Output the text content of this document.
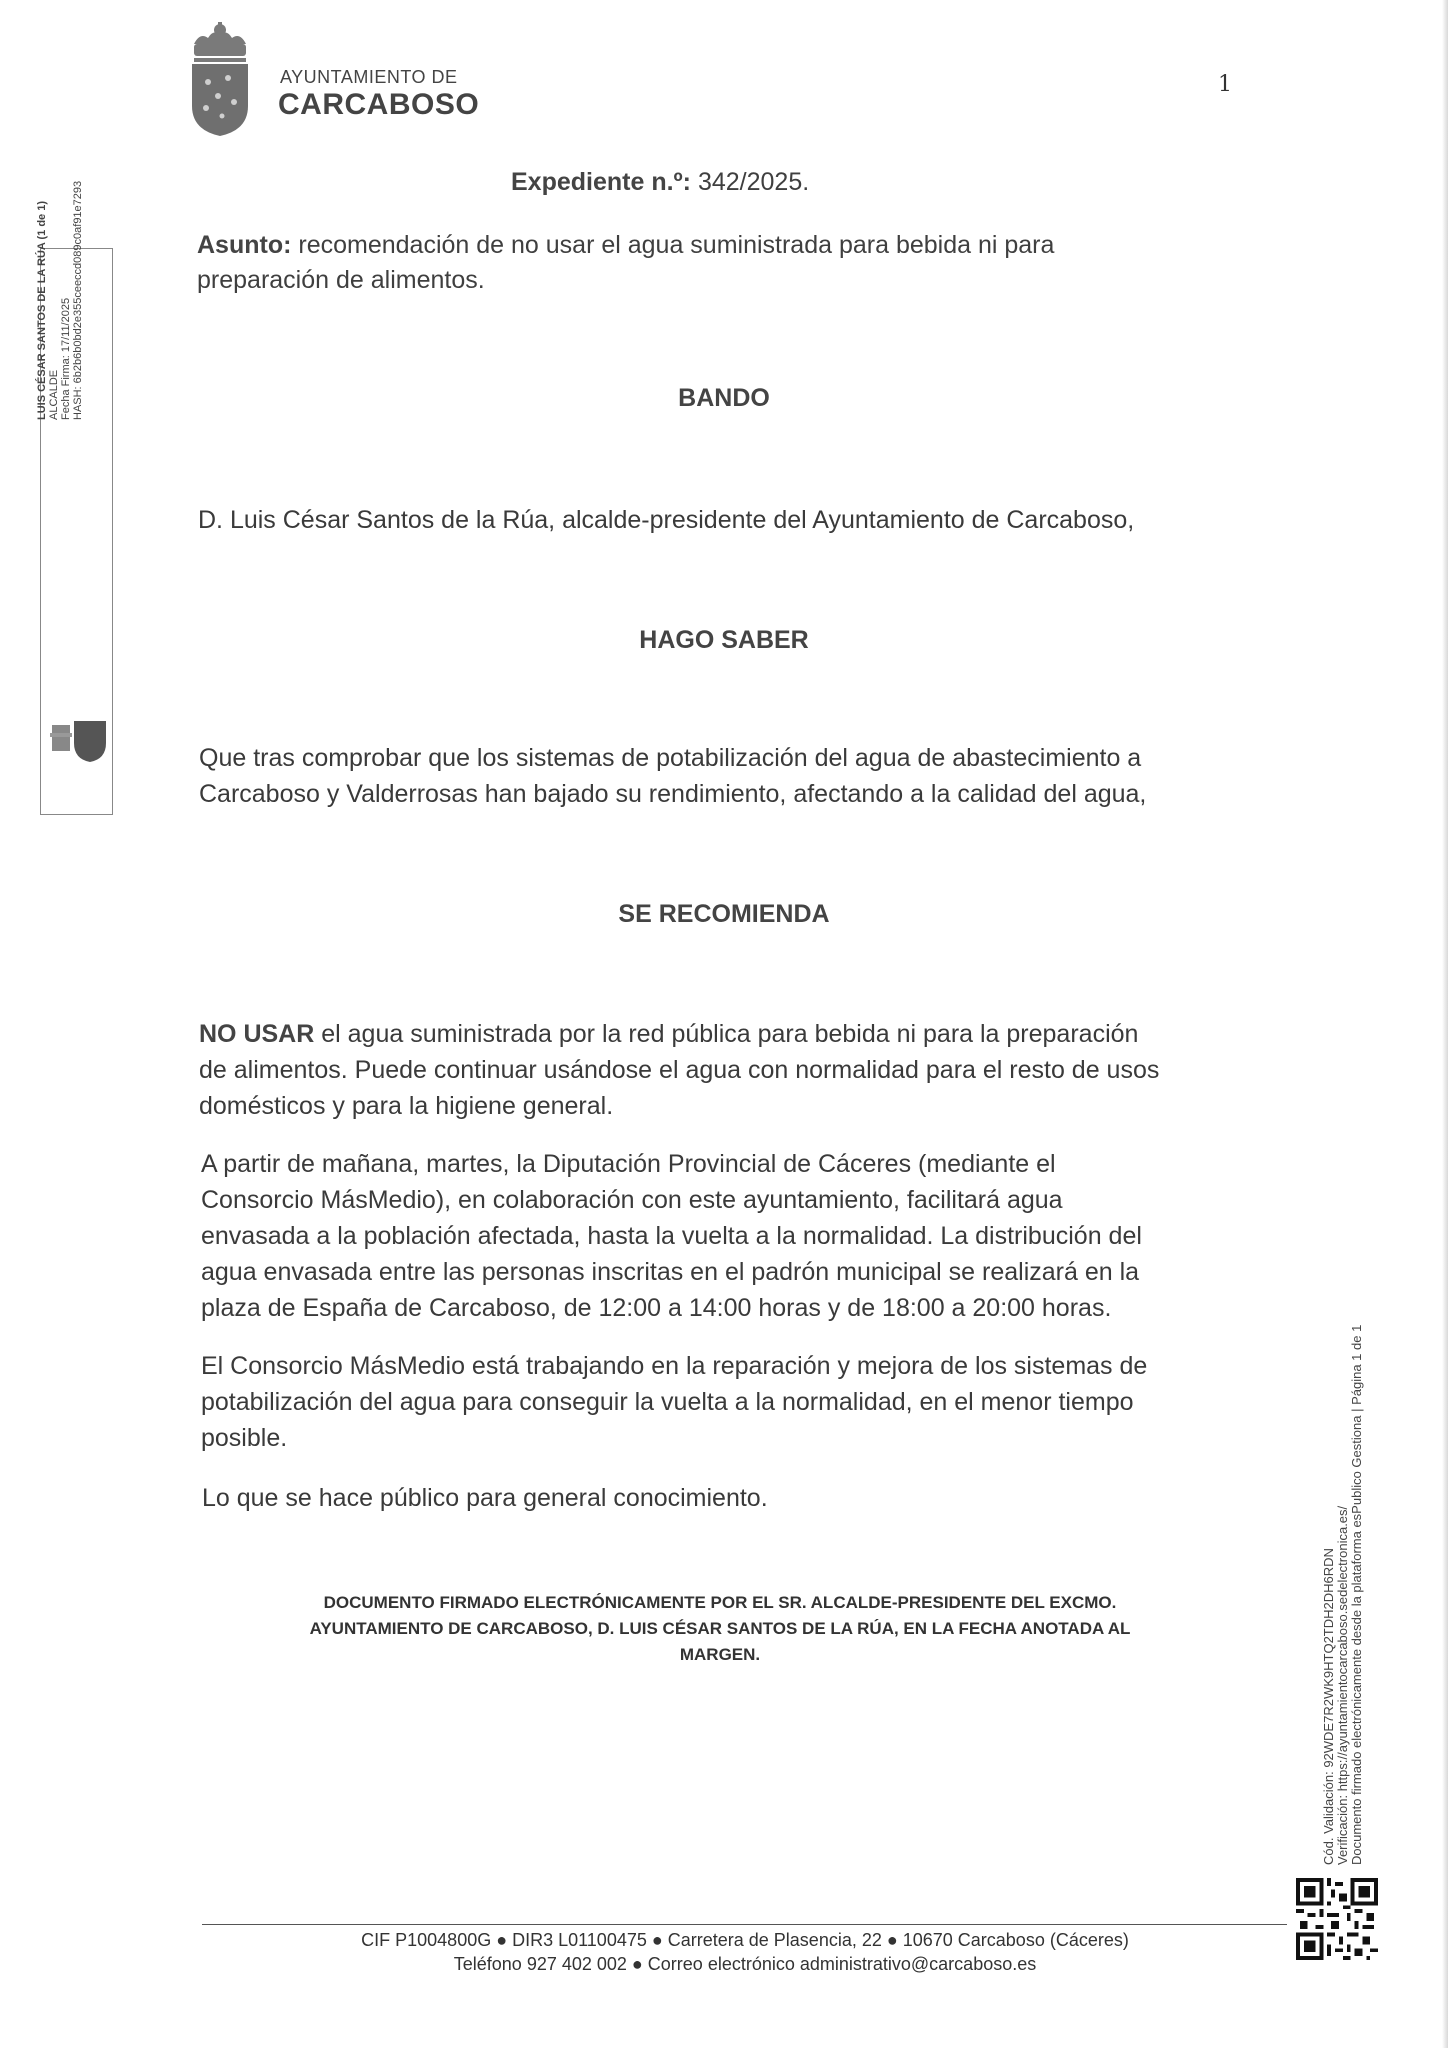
AYUNTAMIENTO DE
CARCABOSO
1
LUIS CÉSAR SANTOS DE LA RÚA (1 de 1) ALCALDE Fecha Firma: 17/11/2025 HASH: 6b2b6b0bd2e355ceeccd089c0af91e7293	Expediente n.º: 342/2025.
Asunto: recomendación de no usar el agua suministrada para bebida ni para preparación de alimentos.
BANDO
D. Luis César Santos de la Rúa, alcalde-presidente del Ayuntamiento de Carcaboso,
HAGO SABER
Que tras comprobar que los sistemas de potabilización del agua de abastecimiento a
Carcaboso y Valderrosas han bajado su rendimiento, afectando a la calidad del agua,
SE RECOMIENDA
NO USAR el agua suministrada por la red pública para bebida ni para la preparación
de alimentos. Puede continuar usándose el agua con normalidad para el resto de usos
domésticos y para la higiene general.
A partir de mañana, martes, la Diputación Provincial de Cáceres (mediante el
Consorcio MásMedio), en colaboración con este ayuntamiento, facilitará agua
envasada a la población afectada, hasta la vuelta a la normalidad. La distribución del
agua envasada entre las personas inscritas en el padrón municipal se realizará en la
plaza de España de Carcaboso, de 12:00 a 14:00 horas y de 18:00 a 20:00 horas.
El Consorcio MásMedio está trabajando en la reparación y mejora de los sistemas de
potabilización del agua para conseguir la vuelta a la normalidad, en el menor tiempo
posible.
Lo que se hace público para general conocimiento.
DOCUMENTO FIRMADO ELECTRÓNICAMENTE POR EL SR. ALCALDE-PRESIDENTE DEL EXCMO.
AYUNTAMIENTO DE CARCABOSO, D. LUIS CÉSAR SANTOS DE LA RÚA, EN LA FECHA ANOTADA AL
MARGEN.	Cód. Validación: 92WDE7R2WK9HTQ2TDH2DH6RDN Verificación: https://ayuntamientocarcaboso.sedelectronica.es/ Documento firmado electrónicamente desde la plataforma esPublico Gestiona | Página 1 de 1
CIF P1004800G ● DIR3 L01100475 ● Carretera de Plasencia, 22 ● 10670 Carcaboso (Cáceres)
Teléfono 927 402 002 ● Correo electrónico administrativo@carcaboso.es
